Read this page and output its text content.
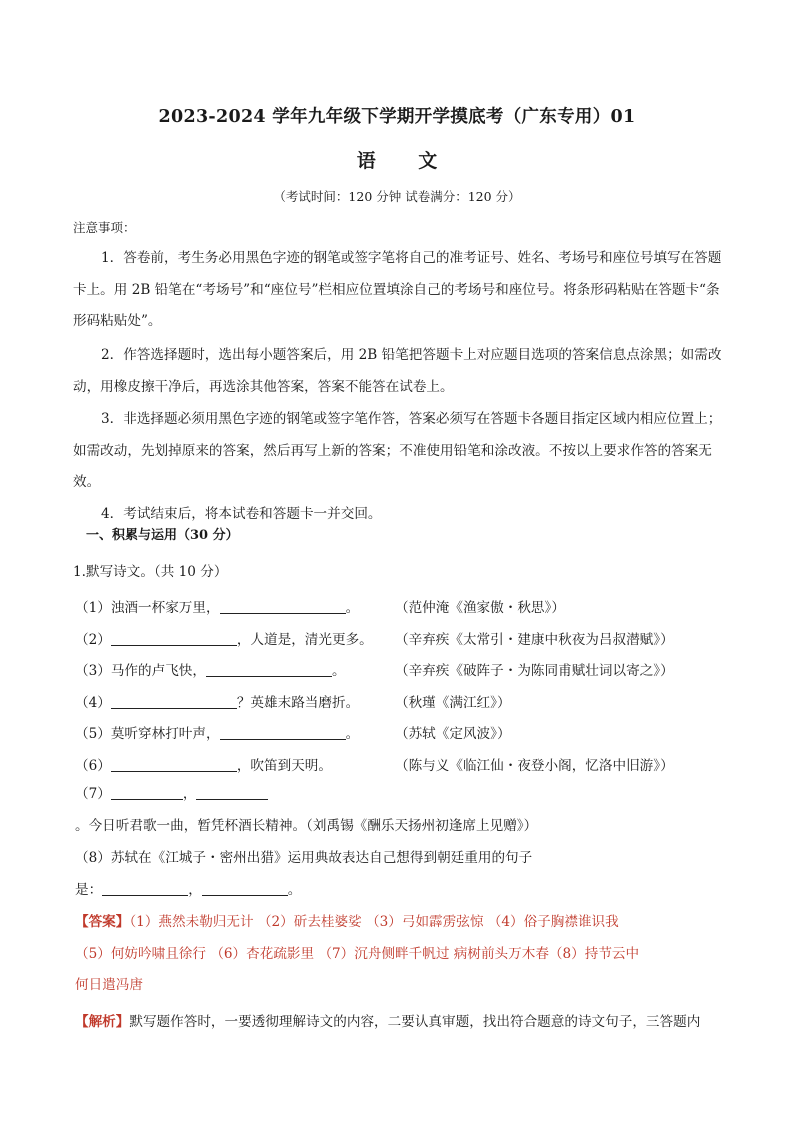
2023-2024 学年九年级下学期开学摸底考（广东专用）01
语 文
（考试时间：120 分钟 试卷满分：120 分）
注意事项：
1．答卷前，考生务必用黑色字迹的钢笔或签字笔将自己的准考证号、姓名、考场号和座位号填写在答题卡上。用 2B 铅笔在“考场号”和“座位号”栏相应位置填涂自己的考场号和座位号。将条形码粘贴在答题卡“条形码粘贴处”。
2．作答选择题时，选出每小题答案后，用 2B 铅笔把答题卡上对应题目选项的答案信息点涂黑；如需改动，用橡皮擦干净后，再选涂其他答案，答案不能答在试卷上。
3．非选择题必须用黑色字迹的钢笔或签字笔作答，答案必须写在答题卡各题目指定区域内相应位置上；如需改动，先划掉原来的答案，然后再写上新的答案；不准使用铅笔和涂改液。不按以上要求作答的答案无效。
4．考试结束后，将本试卷和答题卡一并交回。
一、积累与运用（30 分）
1.默写诗文。（共 10 分）
（1）浊酒一杯家万里，	。	（范仲淹《渔家傲・秋思》）
（2）	，人道是，清光更多。 （辛弃疾《太常引・建康中秋夜为吕叔潜赋》）
（3）马作的卢飞快，	。	（辛弃疾《破阵子・为陈同甫赋壮词以寄之》）
（4）	？英雄末路当磨折。	（秋瑾《满江红》）
（5）莫听穿林打叶声，	。	（苏轼《定风波》）
（6）	，吹笛到天明。	（陈与义《临江仙・夜登小阁，忆洛中旧游》）
（7）	，。今日听君歌一曲，暂凭杯酒长精神。（刘禹锡《酬乐天扬州初逢席上见赠》）
（8）苏轼在《江城子・密州出猎》运用典故表达自己想得到朝廷重用的句子
是：	，	。
【答案】（1）燕然未勒归无计 （2）斫去桂婆娑 （3）弓如霹雳弦惊 （4）俗子胸襟谁识我
（5）何妨吟啸且徐行 （6）杏花疏影里 （7）沉舟侧畔千帆过 病树前头万木春（8）持节云中
何日遣冯唐
【解析】默写题作答时，一要透彻理解诗文的内容，二要认真审题，找出符合题意的诗文句子，三答题内
